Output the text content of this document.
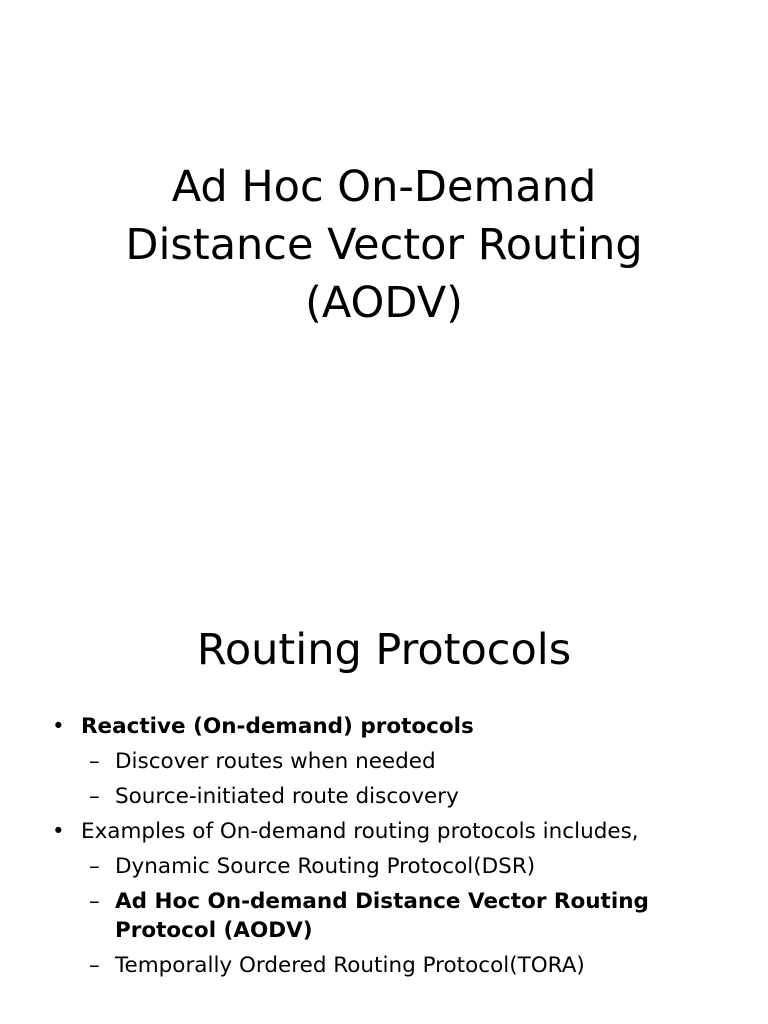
Ad Hoc On-Demand
Distance Vector Routing
(AODV)
Routing Protocols
• Reactive (On-demand) protocols
– Discover routes when needed
– Source-initiated route discovery
• Examples of On-demand routing protocols includes,
– Dynamic Source Routing Protocol(DSR)
– Ad Hoc On-demand Distance Vector Routing Protocol (AODV)
– Temporally Ordered Routing Protocol(TORA)
